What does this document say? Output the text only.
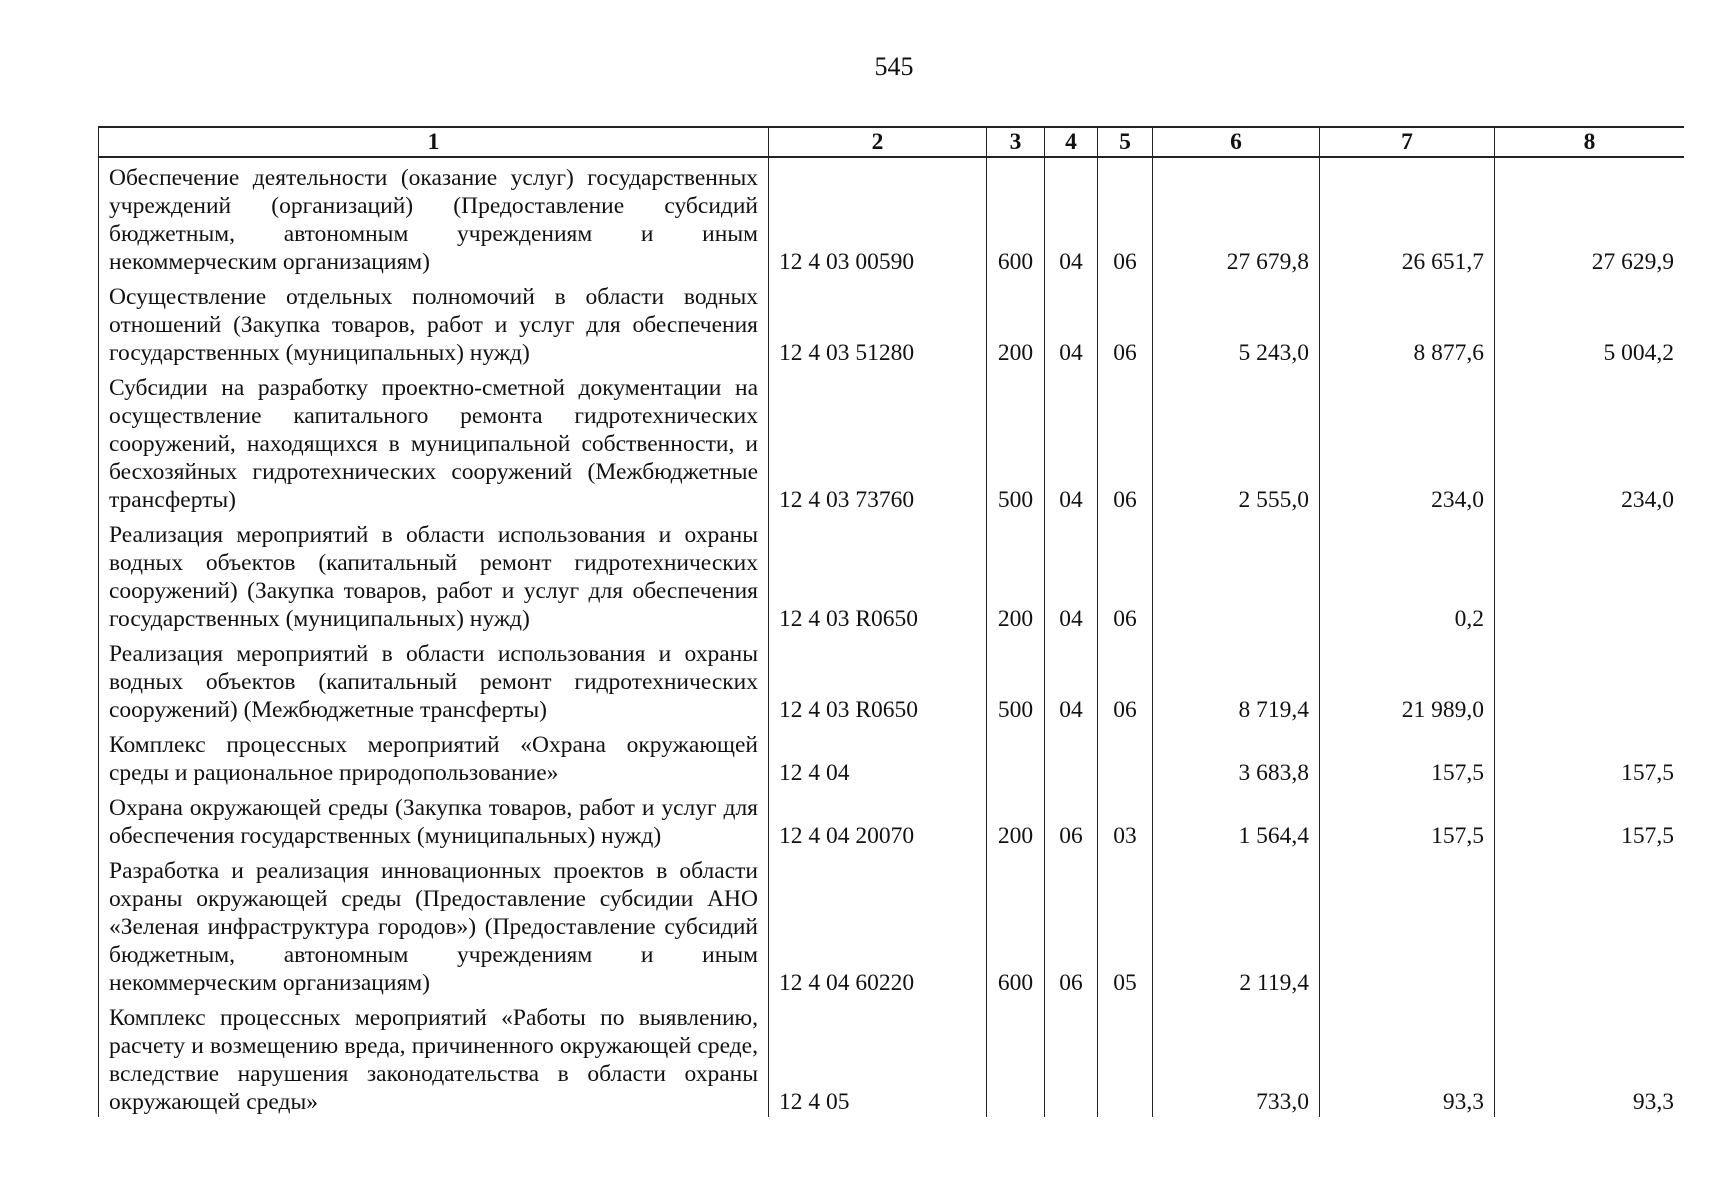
545
1	2	3	4	5	6	7	8
Обеспечение деятельности (оказание услуг) государственных учреждений (организаций) (Предоставление субсидий бюджетным, автономным учреждениям и иным некоммерческим организациям)	12 4 03 00590	600	04	06	27 679,8	26 651,7	27 629,9
Осуществление отдельных полномочий в области водных отношений (Закупка товаров, работ и услуг для обеспечения государственных (муниципальных) нужд)	12 4 03 51280	200	04	06	5 243,0	8 877,6	5 004,2
Субсидии на разработку проектно-сметной документации на осуществление капитального ремонта гидротехнических сооружений, находящихся в муниципальной собственности, и бесхозяйных гидротехнических сооружений (Межбюджетные трансферты)	12 4 03 73760	500	04	06	2 555,0	234,0	234,0
Реализация мероприятий в области использования и охраны водных объектов (капитальный ремонт гидротехнических сооружений) (Закупка товаров, работ и услуг для обеспечения государственных (муниципальных) нужд)	12 4 03 R0650	200	04	06		0,2	
Реализация мероприятий в области использования и охраны водных объектов (капитальный ремонт гидротехнических сооружений) (Межбюджетные трансферты)	12 4 03 R0650	500	04	06	8 719,4	21 989,0	
Комплекс процессных мероприятий «Охрана окружающей среды и рациональное природопользование»	12 4 04				3 683,8	157,5	157,5
Охрана окружающей среды (Закупка товаров, работ и услуг для обеспечения государственных (муниципальных) нужд)	12 4 04 20070	200	06	03	1 564,4	157,5	157,5
Разработка и реализация инновационных проектов в области охраны окружающей среды (Предоставление субсидии АНО «Зеленая инфраструктура городов») (Предоставление субсидий бюджетным, автономным учреждениям и иным некоммерческим организациям)	12 4 04 60220	600	06	05	2 119,4		
Комплекс процессных мероприятий «Работы по выявлению, расчету и возмещению вреда, причиненного окружающей среде, вследствие нарушения законодательства в области охраны окружающей среды»	12 4 05				733,0	93,3	93,3
